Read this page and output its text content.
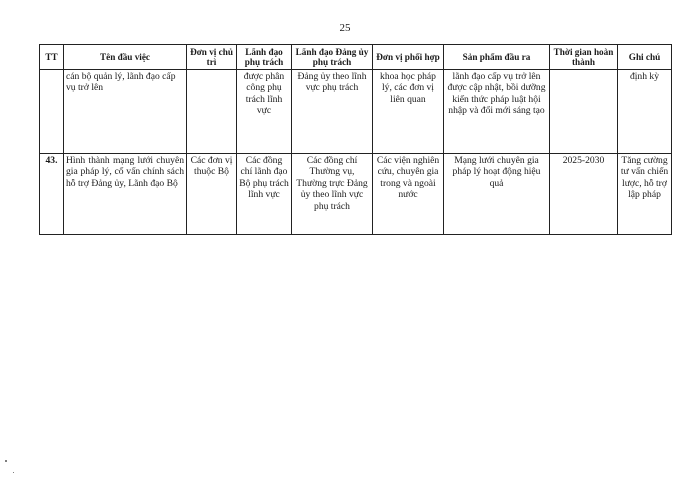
25
TT	Tên đầu việc	Đơn vị chủ trì	Lãnh đạo phụ trách	Lãnh đạo Đảng ủy phụ trách	Đơn vị phối hợp	Sản phẩm đầu ra	Thời gian hoàn thành	Ghi chú
	cán bộ quản lý, lãnh đạo cấp vụ trở lên		được phân công phụ trách lĩnh vực	Đảng ủy theo lĩnh vực phụ trách	khoa học pháp lý, các đơn vị liên quan	lãnh đạo cấp vụ trở lên được cập nhật, bồi dưỡng kiến thức pháp luật hội nhập và đổi mới sáng tạo		định kỳ
43.	Hình thành mạng lưới chuyên gia pháp lý, cố vấn chính sách hỗ trợ Đảng ủy, Lãnh đạo Bộ	Các đơn vị thuộc Bộ	Các đồng chí lãnh đạo Bộ phụ trách lĩnh vực	Các đồng chí Thường vụ, Thường trực Đảng ủy theo lĩnh vực phụ trách	Các viện nghiên cứu, chuyên gia trong và ngoài nước	Mạng lưới chuyên gia pháp lý hoạt động hiệu quả	2025-2030	Tăng cường tư vấn chiến lược, hỗ trợ lập pháp
